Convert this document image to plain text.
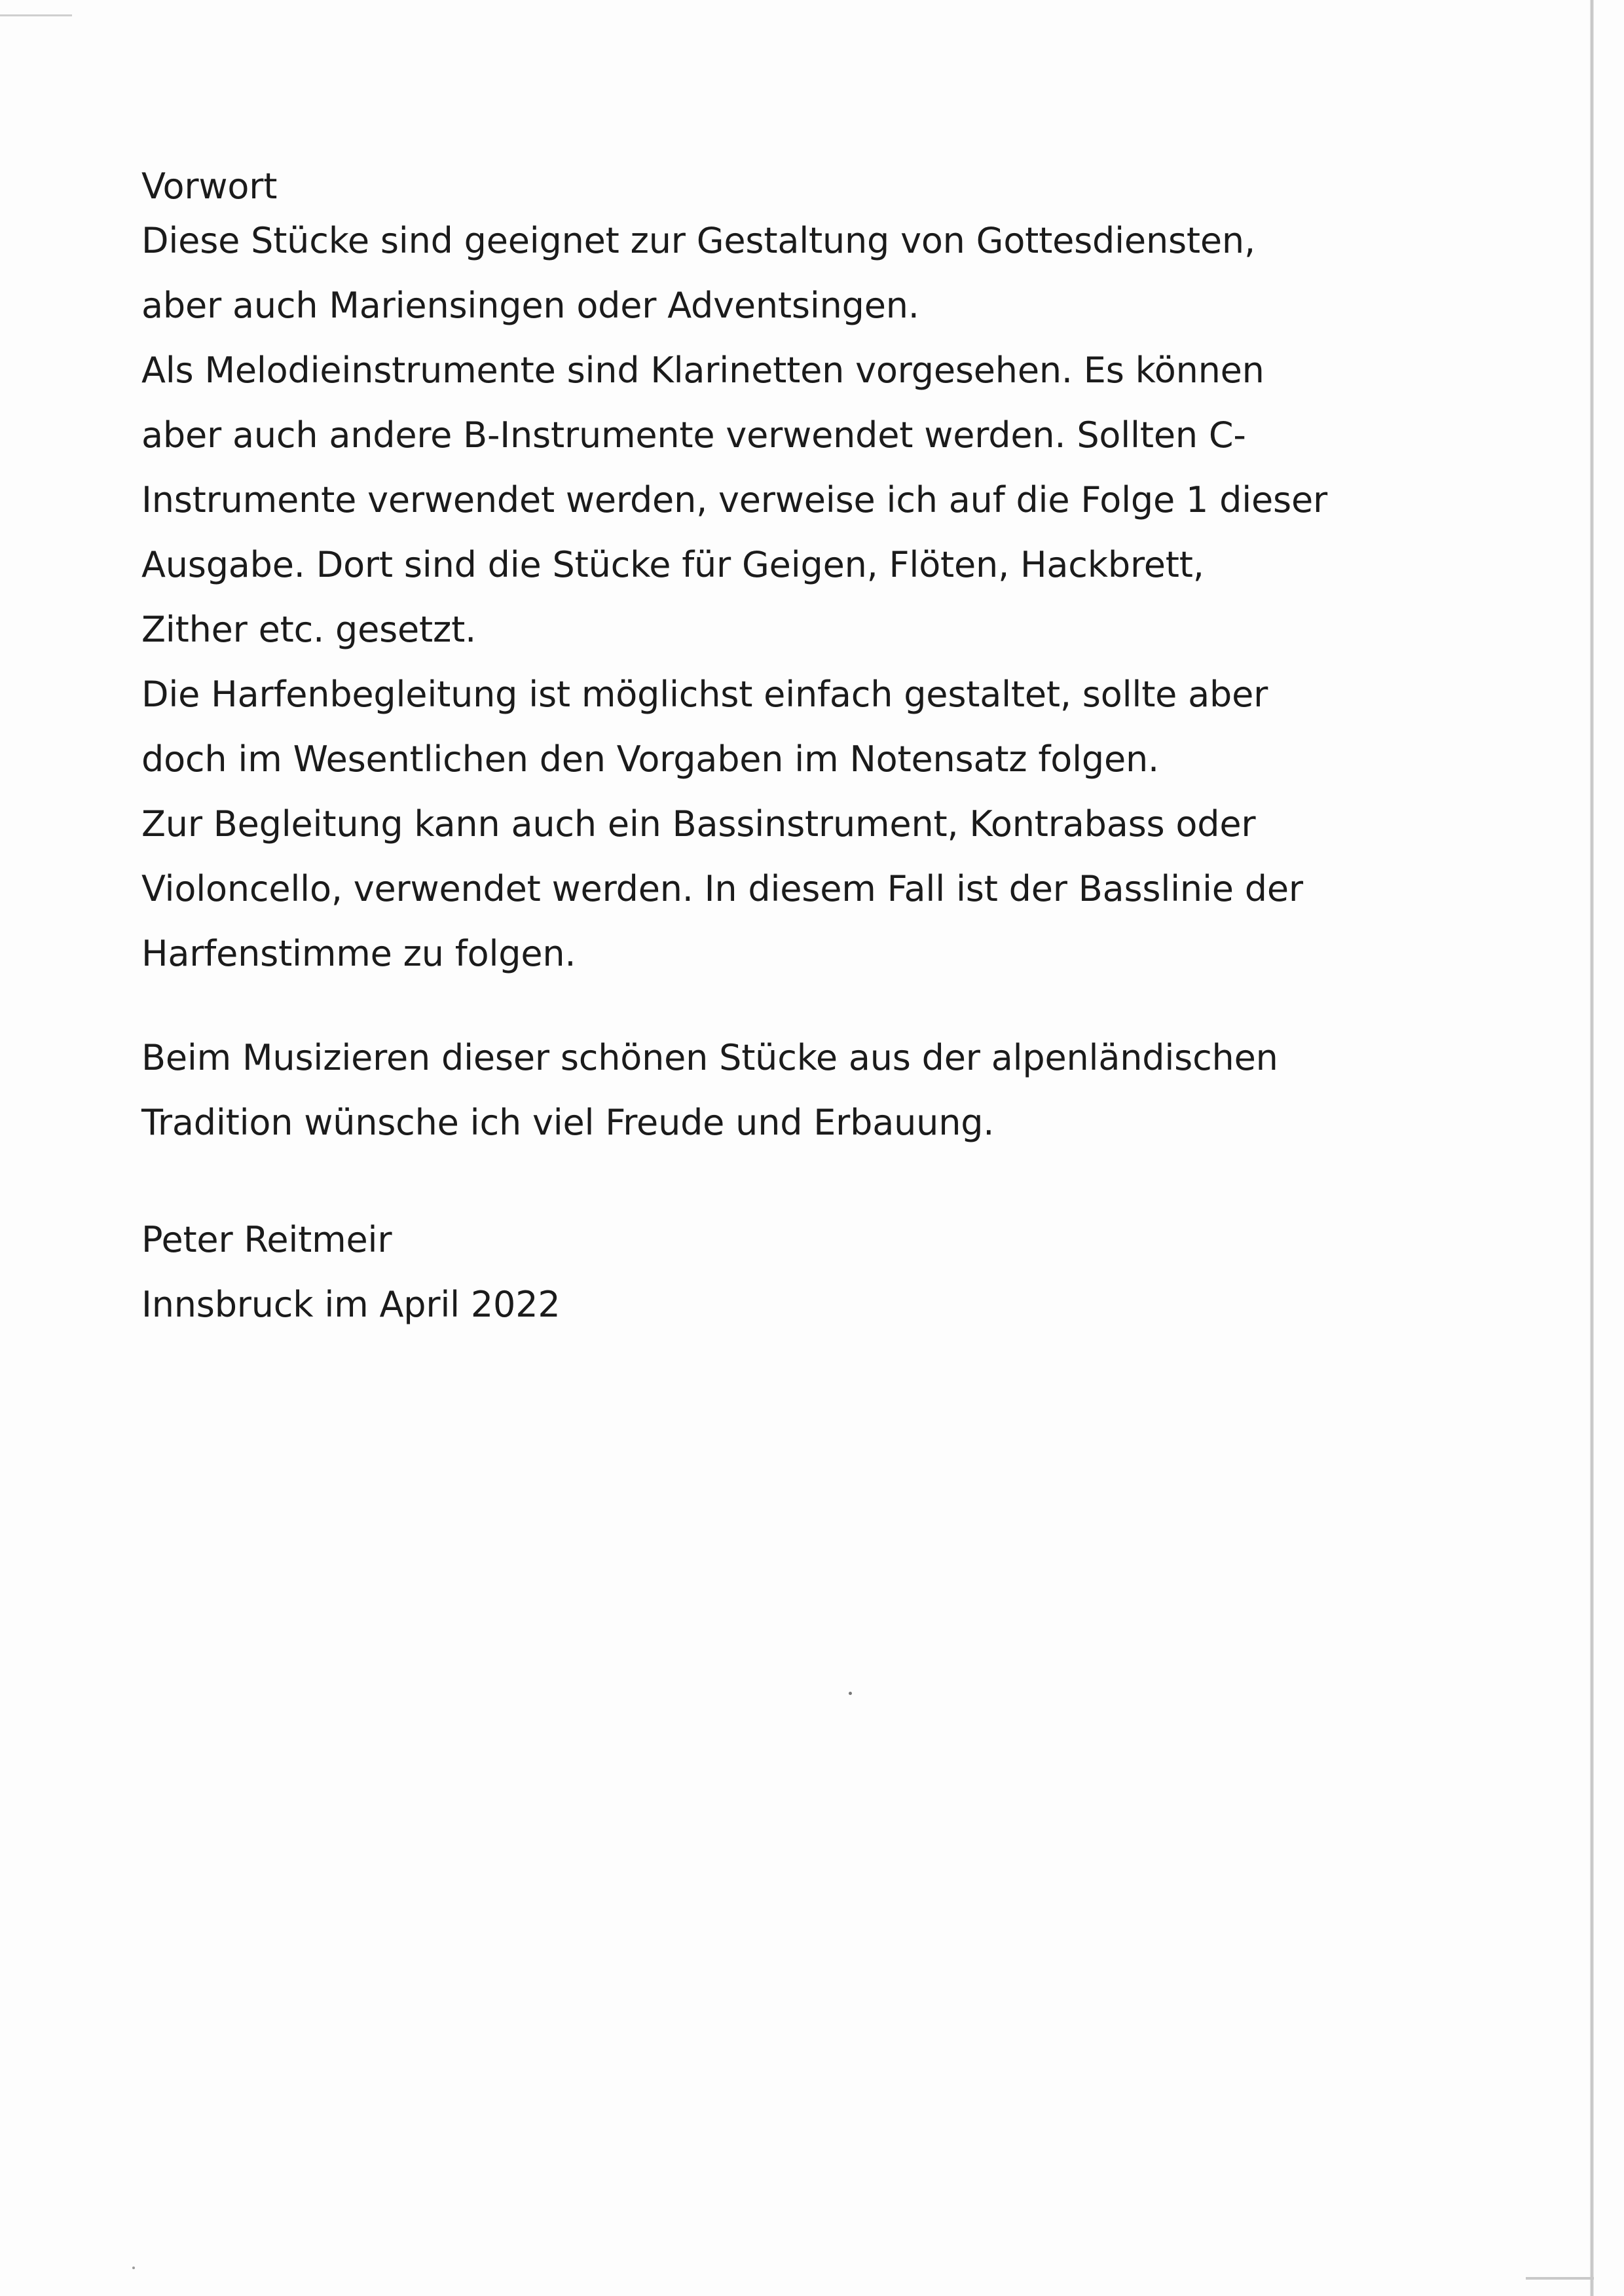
Vorwort
Diese Stücke sind geeignet zur Gestaltung von Gottesdiensten,
aber auch Mariensingen oder Adventsingen.
Als Melodieinstrumente sind Klarinetten vorgesehen. Es können
aber auch andere B-Instrumente verwendet werden. Sollten C-
Instrumente verwendet werden, verweise ich auf die Folge 1 dieser
Ausgabe. Dort sind die Stücke für Geigen, Flöten, Hackbrett,
Zither etc. gesetzt.
Die Harfenbegleitung ist möglichst einfach gestaltet, sollte aber
doch im Wesentlichen den Vorgaben im Notensatz folgen.
Zur Begleitung kann auch ein Bassinstrument, Kontrabass oder
Violoncello, verwendet werden. In diesem Fall ist der Basslinie der
Harfenstimme zu folgen.
Beim Musizieren dieser schönen Stücke aus der alpenländischen
Tradition wünsche ich viel Freude und Erbauung.
Peter Reitmeir
Innsbruck im April 2022
